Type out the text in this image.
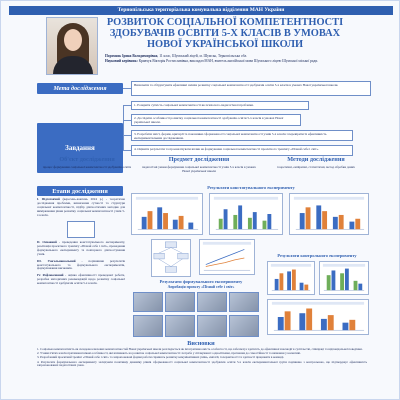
Тернопільська територіальна комунальна відділення МАН України
РОЗВИТОК СОЦІАЛЬНОЇ КОМПЕТЕНТНОСТІ ЗДОБУВАЧІВ ОСВІТИ 5-Х КЛАСІВ В УМОВАХ НОВОЇ УКРАЇНСЬКОЇ ШКОЛИ
Порохняк Ірина Володимирівна, 11 клас, Шумський ліцей, м. Шумськ, Тернопільська обл.
Науковий керівник: Кравчук Вікторія Ростиславівна, викладач МАН, вчитель англійської мови Шумського ліцею Шумської міської ради.
Мета дослідження	Визначити та обґрунтувати ефективні шляхи розвитку соціальної компетентності здобувачів освіти 5-х класів в умовах Нової української школи.
Завдання
1. Розкрити сутність соціальної компетентності як психолого-педагогічної проблеми.
2. Дослідити особливості розвитку соціальної компетентності здобувачів освіти 5-х класів в умовах Нової української школи.
3. Розробити зміст, форми, критерії та показники сформованості соціальної компетентності учнів 5-х класів і перевірити їх ефективність експериментальним дослідженням.
4. Оцінити результати та проаналізувати вплив на формування соціальної компетентності проєктного тренінгу «Пізнай себе і світ».
Об'єкт дослідження
процес формування соціальної компетентності здобувачів освіти
Предмет дослідження
педагогічні умови формування соціальної компетентності учнів 5-х класів в умовах Нової української школи
Методи дослідження
теоретичні, емпіричні, статистичні, метод обробки даних
Етапи дослідження

I. Підготовчий (вересень-жовтень 2024 р.) - теоретичне дослідження проблеми, визначення сутності та структури соціальної компетентності, підбір діагностичних методик для вимірювання рівня розвитку соціальної компетентності учнів 5-х класів.

II. Основний - проведення констатувального експерименту, реалізація проєктного тренінгу «Пізнай себе і світ», проведення формувального експерименту та повторного діагностування учнів.

III. Узагальнювальний - порівняння результатів констатувального та формувального експериментів, формулювання висновків.

IV. Рефлексивний - оцінка ефективності проведеної роботи, розробка методичних рекомендацій щодо розвитку соціальної компетентності здобувачів освіти 5-х класів.

Результати констатувального експерименту
Результати формувального експерименту
Апробація проєкту «Пізнай себе і світ»
Результати контрольного експерименту
Висновки

1. Соціальна компетентність як складова ключових компетентностей Нової української школи розглядається як інтегративна якість особистості, що забезпечує здатність до ефективної взаємодії в суспільстві, співпраці та відповідальної поведінки.

2. Учням п'ятих класів притаманні вікові особливості, які впливають на розвиток соціальної компетентності: потреба у спілкуванні з однолітками, прагнення до самостійності та визнання у колективі.

3. Розроблений проєктний тренінг «Пізнай себе і світ» та запропоновані форми роботи сприяють розвитку комунікативних умінь, емпатії, толерантності та здатності працювати в команді.

4. Результати формувального експерименту засвідчили позитивну динаміку рівнів сформованості соціальної компетентності здобувачів освіти 5-х класів експериментальної групи порівняно з контрольною, що підтверджує ефективність запропонованих педагогічних умов.
